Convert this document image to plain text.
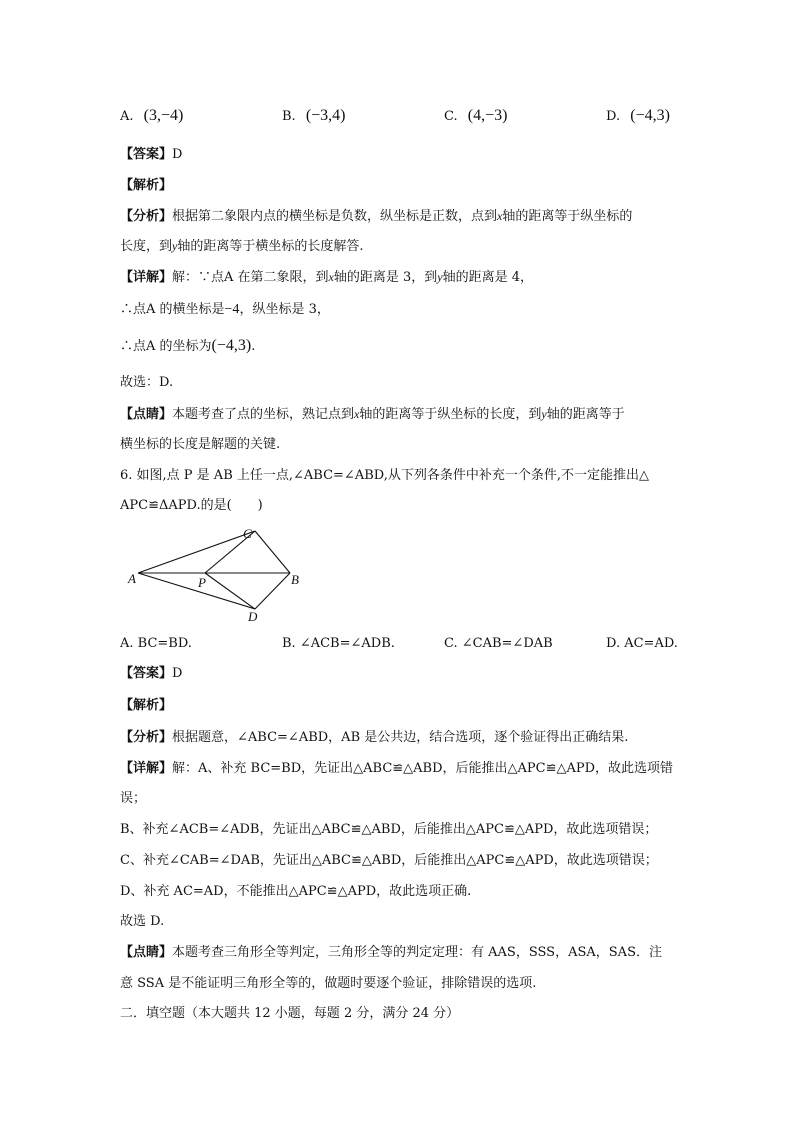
A. (3,−4)	B. (−3,4)	C. (4,−3)	D. (−4,3)
【答案】D
【解析】
【分析】根据第二象限内点的横坐标是负数，纵坐标是正数，点到x轴的距离等于纵坐标的
长度，到y轴的距离等于横坐标的长度解答.
【详解】解：∵点A 在第二象限，到x轴的距离是 3，到y轴的距离是 4，
∴点A 的横坐标是−4，纵坐标是 3，
∴点A 的坐标为(−4,3).
故选：D.
【点睛】本题考查了点的坐标，熟记点到x轴的距离等于纵坐标的长度，到y轴的距离等于
横坐标的长度是解题的关键.
6. 如图,点 P 是 AB 上任一点,∠ABC=∠ABD,从下列各条件中补充一个条件,不一定能推出△
APC≌ΔAPD.的是(　　)
A	B
C
D
P
A. BC=BD.	B. ∠ACB=∠ADB.	C. ∠CAB=∠DAB	D. AC=AD.
【答案】D
【解析】
【分析】根据题意，∠ABC=∠ABD，AB 是公共边，结合选项，逐个验证得出正确结果.
【详解】解：A、补充 BC=BD，先证出△ABC≌△ABD，后能推出△APC≌△APD，故此选项错
误；
B、补充∠ACB=∠ADB，先证出△ABC≌△ABD，后能推出△APC≌△APD，故此选项错误；
C、补充∠CAB=∠DAB，先证出△ABC≌△ABD，后能推出△APC≌△APD，故此选项错误；
D、补充 AC=AD，不能推出△APC≌△APD，故此选项正确.
故选 D.
【点睛】本题考查三角形全等判定，三角形全等的判定定理：有 AAS，SSS，ASA，SAS．注
意 SSA 是不能证明三角形全等的，做题时要逐个验证，排除错误的选项.
二．填空题（本大题共 12 小题，每题 2 分，满分 24 分）
